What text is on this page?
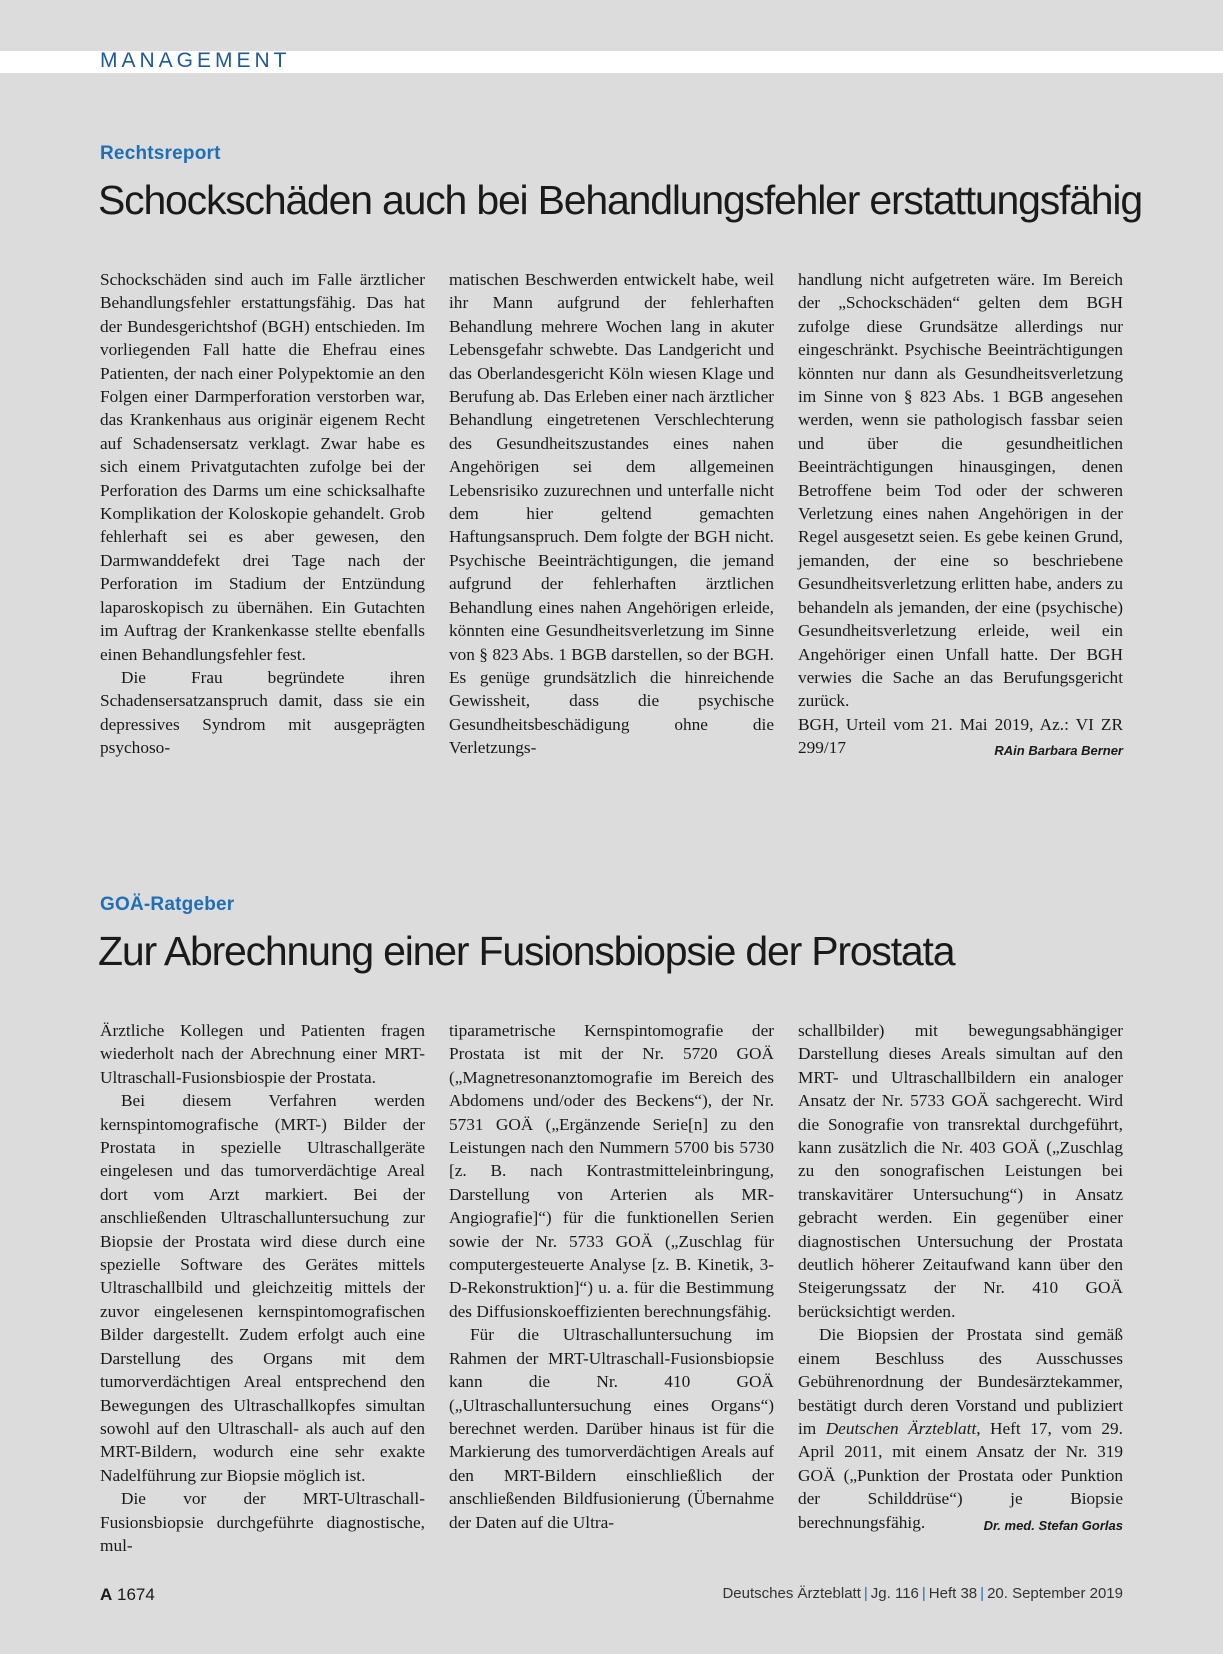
MANAGEMENT
Rechtsreport
Schockschäden auch bei Behandlungsfehler erstattungsfähig

Schockschäden sind auch im Falle ärztlicher Behandlungsfehler erstattungsfähig. Das hat der Bundesgerichtshof (BGH) entschieden. Im vorliegenden Fall hatte die Ehefrau eines Patienten, der nach einer Polypektomie an den Folgen einer Darmperforation verstorben war, das Krankenhaus aus originär eigenem Recht auf Schadensersatz verklagt. Zwar habe es sich einem Privatgutachten zufolge bei der Perforation des Darms um eine schicksalhafte Komplikation der Koloskopie gehandelt. Grob fehlerhaft sei es aber gewesen, den Darmwanddefekt drei Tage nach der Perforation im Stadium der Entzündung laparoskopisch zu übernähen. Ein Gutachten im Auftrag der Krankenkasse stellte ebenfalls einen Behandlungsfehler fest.

Die Frau begründete ihren Schadensersatzanspruch damit, dass sie ein depressives Syndrom mit ausgeprägten psychoso-

matischen Beschwerden entwickelt habe, weil ihr Mann aufgrund der fehlerhaften Behandlung mehrere Wochen lang in akuter Lebensgefahr schwebte. Das Landgericht und das Oberlandesgericht Köln wiesen Klage und Berufung ab. Das Erleben einer nach ärztlicher Behandlung eingetretenen Verschlechterung des Gesundheitszustandes eines nahen Angehörigen sei dem allgemeinen Lebensrisiko zuzurechnen und unterfalle nicht dem hier geltend gemachten Haftungsanspruch. Dem folgte der BGH nicht. Psychische Beeinträchtigungen, die jemand aufgrund der fehlerhaften ärztlichen Behandlung eines nahen Angehörigen erleide, könnten eine Gesundheitsverletzung im Sinne von § 823 Abs. 1 BGB darstellen, so der BGH. Es genüge grundsätzlich die hinreichende Gewissheit, dass die psychische Gesundheitsbeschädigung ohne die Verletzungs-

handlung nicht aufgetreten wäre. Im Bereich der „Schockschäden“ gelten dem BGH zufolge diese Grundsätze allerdings nur eingeschränkt. Psychische Beeinträchtigungen könnten nur dann als Gesundheitsverletzung im Sinne von § 823 Abs. 1 BGB angesehen werden, wenn sie pathologisch fassbar seien und über die gesundheitlichen Beeinträchtigungen hinausgingen, denen Betroffene beim Tod oder der schweren Verletzung eines nahen Angehörigen in der Regel ausgesetzt seien. Es gebe keinen Grund, jemanden, der eine so beschriebene Gesundheitsverletzung erlitten habe, anders zu behandeln als jemanden, der eine (psychische) Gesundheitsverletzung erleide, weil ein Angehöriger einen Unfall hatte. Der BGH verwies die Sache an das Berufungsgericht zurück.

BGH, Urteil vom 21. Mai 2019, Az.: VI ZR 299/17	RAin Barbara Berner

GOÄ-Ratgeber
Zur Abrechnung einer Fusionsbiopsie der Prostata

Ärztliche Kollegen und Patienten fragen wiederholt nach der Abrechnung einer MRT-Ultraschall-Fusionsbiospie der Prostata.

Bei diesem Verfahren werden kernspintomografische (MRT-) Bilder der Prostata in spezielle Ultraschallgeräte eingelesen und das tumorverdächtige Areal dort vom Arzt markiert. Bei der anschließenden Ultraschalluntersuchung zur Biopsie der Prostata wird diese durch eine spezielle Software des Gerätes mittels Ultraschallbild und gleichzeitig mittels der zuvor eingelesenen kernspintomografischen Bilder dargestellt. Zudem erfolgt auch eine Darstellung des Organs mit dem tumorverdächtigen Areal entsprechend den Bewegungen des Ultraschallkopfes simultan sowohl auf den Ultraschall- als auch auf den MRT-Bildern, wodurch eine sehr exakte Nadelführung zur Biopsie möglich ist.

Die vor der MRT-Ultraschall-Fusionsbiopsie durchgeführte diagnostische, mul-

tiparametrische Kernspintomografie der Prostata ist mit der Nr. 5720 GOÄ („Magnetresonanztomografie im Bereich des Abdomens und/oder des Beckens“), der Nr. 5731 GOÄ („Ergänzende Serie[n] zu den Leistungen nach den Nummern 5700 bis 5730 [z. B. nach Kontrastmitteleinbringung, Darstellung von Arterien als MR-Angiografie]“) für die funktionellen Serien sowie der Nr. 5733 GOÄ („Zuschlag für computergesteuerte Analyse [z. B. Kinetik, 3-D-Rekonstruktion]“) u. a. für die Bestimmung des Diffusionskoeffizienten berechnungsfähig.

Für die Ultraschalluntersuchung im Rahmen der MRT-Ultraschall-Fusionsbiopsie kann die Nr. 410 GOÄ („Ultraschalluntersuchung eines Organs“) berechnet werden. Darüber hinaus ist für die Markierung des tumorverdächtigen Areals auf den MRT-Bildern einschließlich der anschließenden Bildfusionierung (Übernahme der Daten auf die Ultra-

schallbilder) mit bewegungsabhängiger Darstellung dieses Areals simultan auf den MRT- und Ultraschallbildern ein analoger Ansatz der Nr. 5733 GOÄ sachgerecht. Wird die Sonografie von transrektal durchgeführt, kann zusätzlich die Nr. 403 GOÄ („Zuschlag zu den sonografischen Leistungen bei transkavitärer Untersuchung“) in Ansatz gebracht werden. Ein gegenüber einer diagnostischen Untersuchung der Prostata deutlich höherer Zeitaufwand kann über den Steigerungssatz der Nr. 410 GOÄ berücksichtigt werden.

Die Biopsien der Prostata sind gemäß einem Beschluss des Ausschusses Gebührenordnung der Bundesärztekammer, bestätigt durch deren Vorstand und publiziert im Deutschen Ärzteblatt, Heft 17, vom 29. April 2011, mit einem Ansatz der Nr. 319 GOÄ („Punktion der Prostata oder Punktion der Schilddrüse“) je Biopsie berechnungsfähig.	Dr. med. Stefan Gorlas

A 1674	Deutsches Ärzteblatt | Jg. 116 | Heft 38 | 20. September 2019
